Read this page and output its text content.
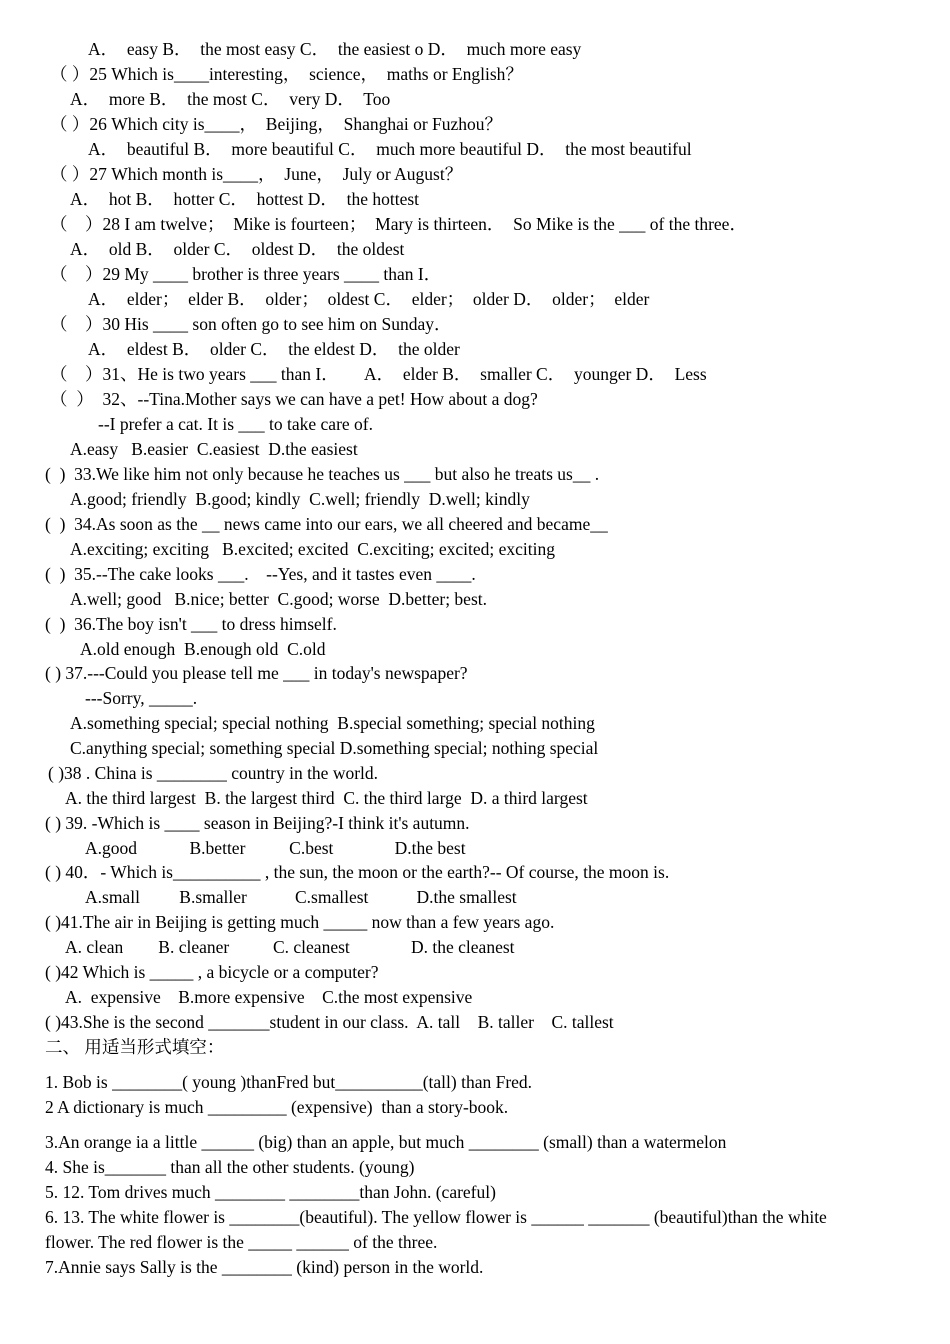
A．  easy B．  the most easy C．  the easiest o D．  much more easy
（ ）25 Which is____interesting，  science，  maths or English？
A．  more B．  the most C．  very D．  Too
（ ）26 Which city is____，  Beijing，  Shanghai or Fuzhou？
A．  beautiful B．  more beautiful C．  much more beautiful D．  the most beautiful
（ ）27 Which month is____，  June，  July or August？
A．  hot B．  hotter C．  hottest D．  the hottest
（    ）28 I am twelve；  Mike is fourteen；  Mary is thirteen．  So Mike is the ___ of the three．
A．  old B．  older C．  oldest D．  the oldest
（    ）29 My ____ brother is three years ____ than I．
A．  elder；  elder B．  older；  oldest C．  elder；  older D．  older；  elder
（    ）30 His ____ son often go to see him on Sunday．
A．  eldest B．  older C．  the eldest D．  the older
（    ）31、He is two years ___ than I．      A．  elder B．  smaller C．  younger D．  Less
（  ）  32、--Tina.Mother says we can have a pet! How about a dog?
--I prefer a cat. It is ___ to take care of.
A.easy   B.easier  C.easiest  D.the easiest
(  )  33.We like him not only because he teaches us ___ but also he treats us__ .
A.good; friendly  B.good; kindly  C.well; friendly  D.well; kindly
(  )  34.As soon as the __ news came into our ears, we all cheered and became__
A.exciting; exciting   B.excited; excited  C.exciting; excited; exciting
(  )  35.--The cake looks ___.    --Yes, and it tastes even ____.
A.well; good   B.nice; better  C.good; worse  D.better; best.
(  )  36.The boy isn't ___ to dress himself.
A.old enough  B.enough old  C.old
( ) 37.---Could you please tell me ___ in today's newspaper?
---Sorry, _____.
A.something special; special nothing  B.special something; special nothing
C.anything special; something special D.something special; nothing special
( )38 . China is ________ country in the world.
A. the third largest  B. the largest third  C. the third large  D. a third largest
( ) 39. -Which is ____ season in Beijing?-I think it's autumn.
A.good            B.better          C.best              D.the best
( ) 40．- Which is__________ , the sun, the moon or the earth?-- Of course, the moon is.
A.small         B.smaller           C.smallest           D.the smallest
( )41.The air in Beijing is getting much _____ now than a few years ago.
A. clean        B. cleaner          C. cleanest              D. the cleanest
( )42 Which is _____ , a bicycle or a computer?
A.  expensive    B.more expensive    C.the most expensive
( )43.She is the second _______student in our class.  A. tall    B. taller    C. tallest
二、 用适当形式填空：
1. Bob is ________( young )thanFred but__________(tall) than Fred.
2 A dictionary is much _________ (expensive)  than a story-book.
3.An orange ia a little ______ (big) than an apple, but much ________ (small) than a watermelon
4. She is_______ than all the other students. (young)
5. 12. Tom drives much ________ ________than John. (careful)
6. 13. The white flower is ________(beautiful). The yellow flower is ______ _______ (beautiful)than the white
flower. The red flower is the _____ ______ of the three.
7.Annie says Sally is the ________ (kind) person in the world.
